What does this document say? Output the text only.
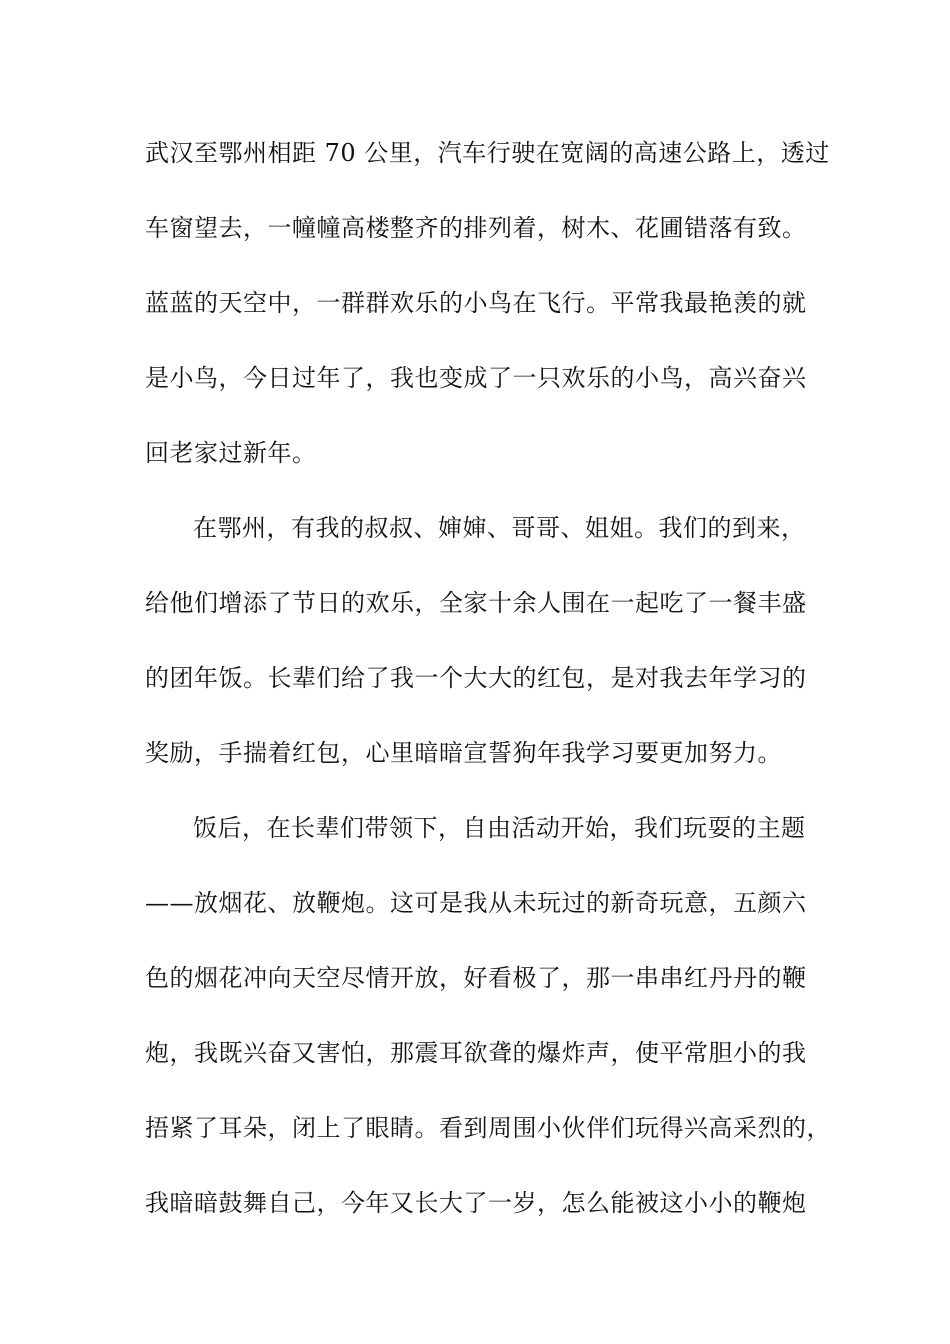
武汉至鄂州相距 70 公里，汽车行驶在宽阔的高速公路上，透过
车窗望去，一幢幢高楼整齐的排列着，树木、花圃错落有致。
蓝蓝的天空中，一群群欢乐的小鸟在飞行。平常我最艳羡的就
是小鸟，今日过年了，我也变成了一只欢乐的小鸟，高兴奋兴
回老家过新年。
在鄂州，有我的叔叔、婶婶、哥哥、姐姐。我们的到来，
给他们增添了节日的欢乐，全家十余人围在一起吃了一餐丰盛
的团年饭。长辈们给了我一个大大的红包，是对我去年学习的
奖励，手揣着红包，心里暗暗宣誓狗年我学习要更加努力。
饭后，在长辈们带领下，自由活动开始，我们玩耍的主题
——放烟花、放鞭炮。这可是我从未玩过的新奇玩意，五颜六
色的烟花冲向天空尽情开放，好看极了，那一串串红丹丹的鞭
炮，我既兴奋又害怕，那震耳欲聋的爆炸声，使平常胆小的我
捂紧了耳朵，闭上了眼睛。看到周围小伙伴们玩得兴高采烈的，
我暗暗鼓舞自己，今年又长大了一岁，怎么能被这小小的鞭炮
